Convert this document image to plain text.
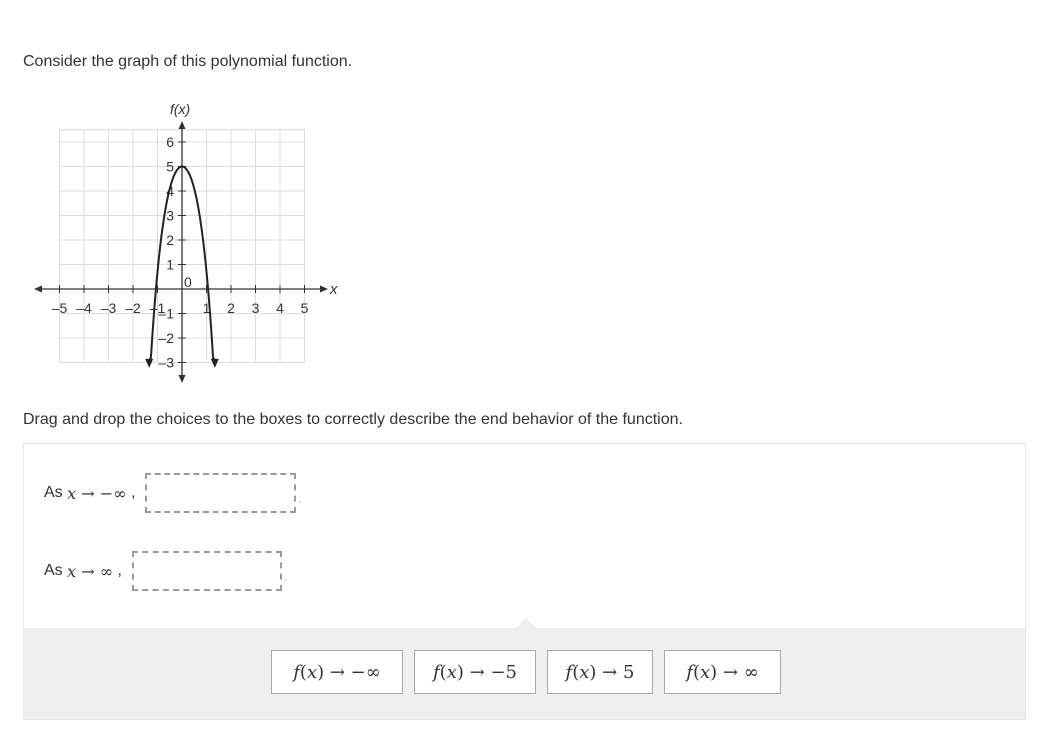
Consider the graph of this polynomial function.
–5 –4 –3 –2 –1	1 2 3 4 5
6
5
4
3
2
1
–1
–2
–3
f(x)
x
0
Drag and drop the choices to the boxes to correctly describe the end behavior of the function.
As
x → −∞
,	.
As
x → ∞
,	.
f ( x ) →
−∞	f ( x ) →
−5	f ( x ) →
5	f ( x ) →
∞
